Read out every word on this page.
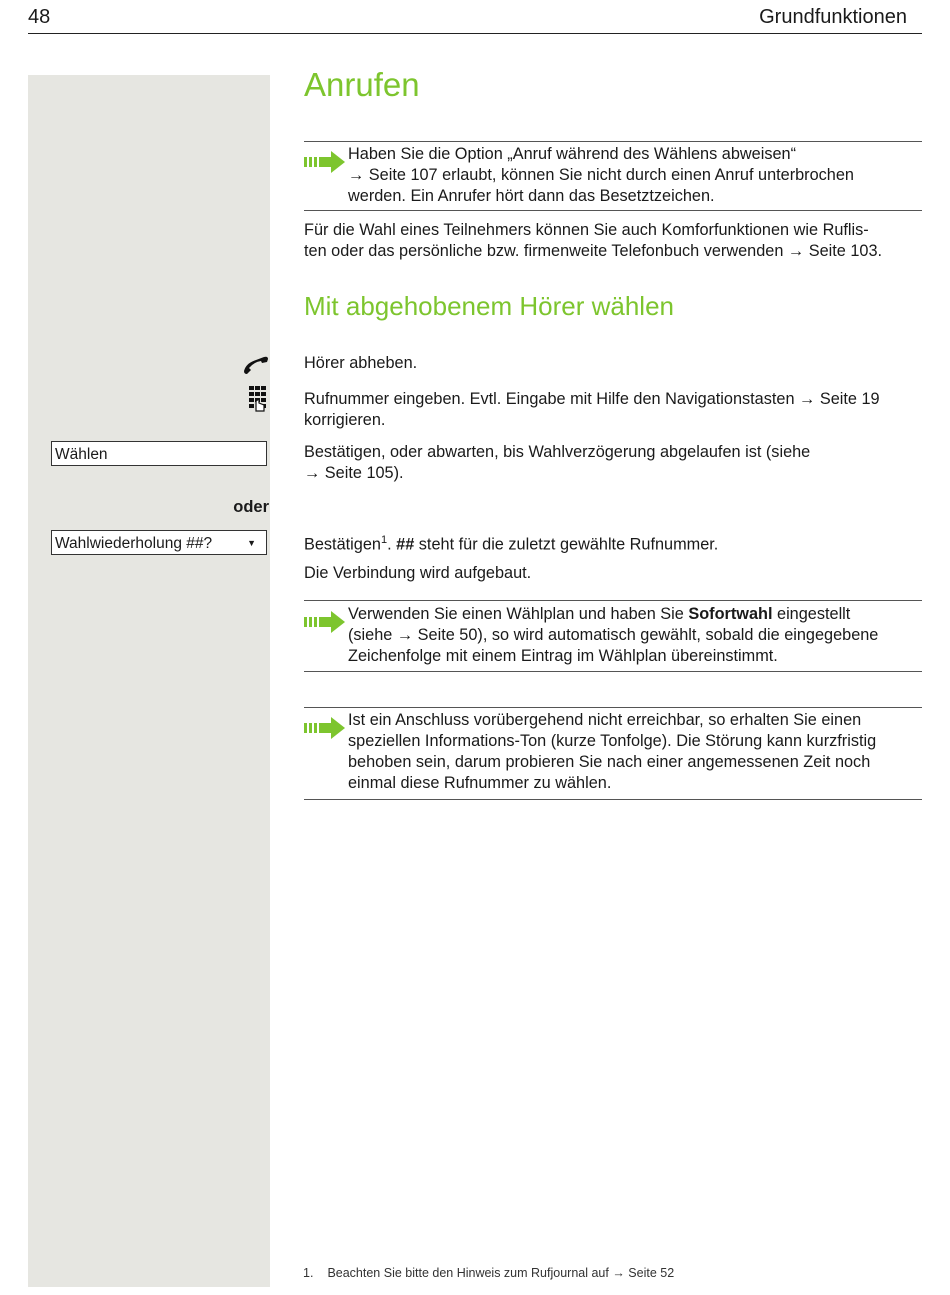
48	Grundfunktionen
Anrufen
Haben Sie die Option „Anruf während des Wählens abweisen“
→ Seite 107 erlaubt, können Sie nicht durch einen Anruf unterbrochen
werden. Ein Anrufer hört dann das Besetztzeichen.
Für die Wahl eines Teilnehmers können Sie auch Komforfunktionen wie Ruflis-
ten oder das persönliche bzw. firmenweite Telefonbuch verwenden → Seite 103.
Mit abgehobenem Hörer wählen
Hörer abheben.
Rufnummer eingeben. Evtl. Eingabe mit Hilfe den Navigationstasten → Seite 19
korrigieren.
Wählen	Bestätigen, oder abwarten, bis Wahlverzögerung abgelaufen ist (siehe
→ Seite 105).
oder
Wahlwiederholung ##?	▼	Bestätigen$^1$. ## steht für die zuletzt gewählte Rufnummer.
Die Verbindung wird aufgebaut.
Verwenden Sie einen Wählplan und haben Sie Sofortwahl eingestellt
(siehe → Seite 50), so wird automatisch gewählt, sobald die eingegebene
Zeichenfolge mit einem Eintrag im Wählplan übereinstimmt.
Ist ein Anschluss vorübergehend nicht erreichbar, so erhalten Sie einen
speziellen Informations-Ton (kurze Tonfolge). Die Störung kann kurzfristig
behoben sein, darum probieren Sie nach einer angemessenen Zeit noch
einmal diese Rufnummer zu wählen.
1. Beachten Sie bitte den Hinweis zum Rufjournal auf → Seite 52
